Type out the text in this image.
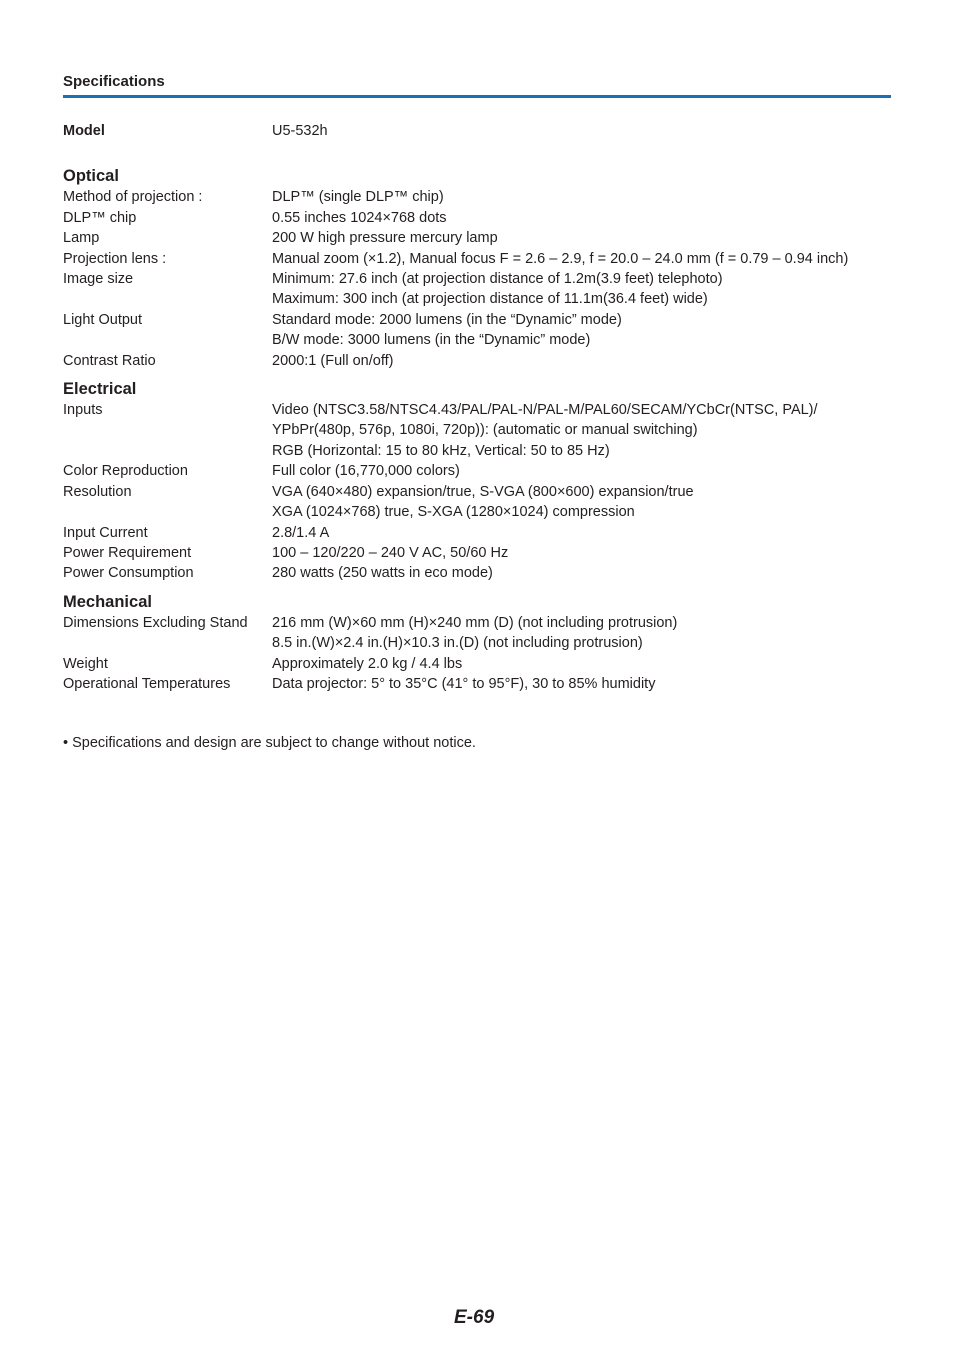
Specifications
Model	U5-532h
Optical
Method of projection :	DLP™ (single DLP™ chip)
DLP™ chip	0.55 inches 1024×768 dots
Lamp	200 W high pressure mercury lamp
Projection lens :	Manual zoom (×1.2), Manual focus F = 2.6 – 2.9, f = 20.0 – 24.0 mm (f = 0.79 – 0.94 inch)
Image size	Minimum: 27.6 inch (at projection distance of 1.2m(3.9 feet) telephoto)
Maximum: 300 inch (at projection distance of 11.1m(36.4 feet) wide)
Light Output	Standard mode: 2000 lumens (in the “Dynamic” mode)
B/W mode: 3000 lumens (in the “Dynamic” mode)
Contrast Ratio	2000:1 (Full on/off)
Electrical
Inputs	Video (NTSC3.58/NTSC4.43/PAL/PAL-N/PAL-M/PAL60/SECAM/YCbCr(NTSC, PAL)/
YPbPr(480p, 576p, 1080i, 720p)): (automatic or manual switching)
RGB (Horizontal: 15 to 80 kHz, Vertical: 50 to 85 Hz)
Color Reproduction	Full color (16,770,000 colors)
Resolution	VGA (640×480) expansion/true, S-VGA (800×600) expansion/true
XGA (1024×768) true, S-XGA (1280×1024) compression
Input Current	2.8/1.4 A
Power Requirement	100 – 120/220 – 240 V AC, 50/60 Hz
Power Consumption	280 watts (250 watts in eco mode)
Mechanical
Dimensions Excluding Stand	216 mm (W)×60 mm (H)×240 mm (D) (not including protrusion)
8.5 in.(W)×2.4 in.(H)×10.3 in.(D) (not including protrusion)
Weight	Approximately 2.0 kg / 4.4 lbs
Operational Temperatures	Data projector: 5° to 35°C (41° to 95°F), 30 to 85% humidity
• Specifications and design are subject to change without notice.
E-69
